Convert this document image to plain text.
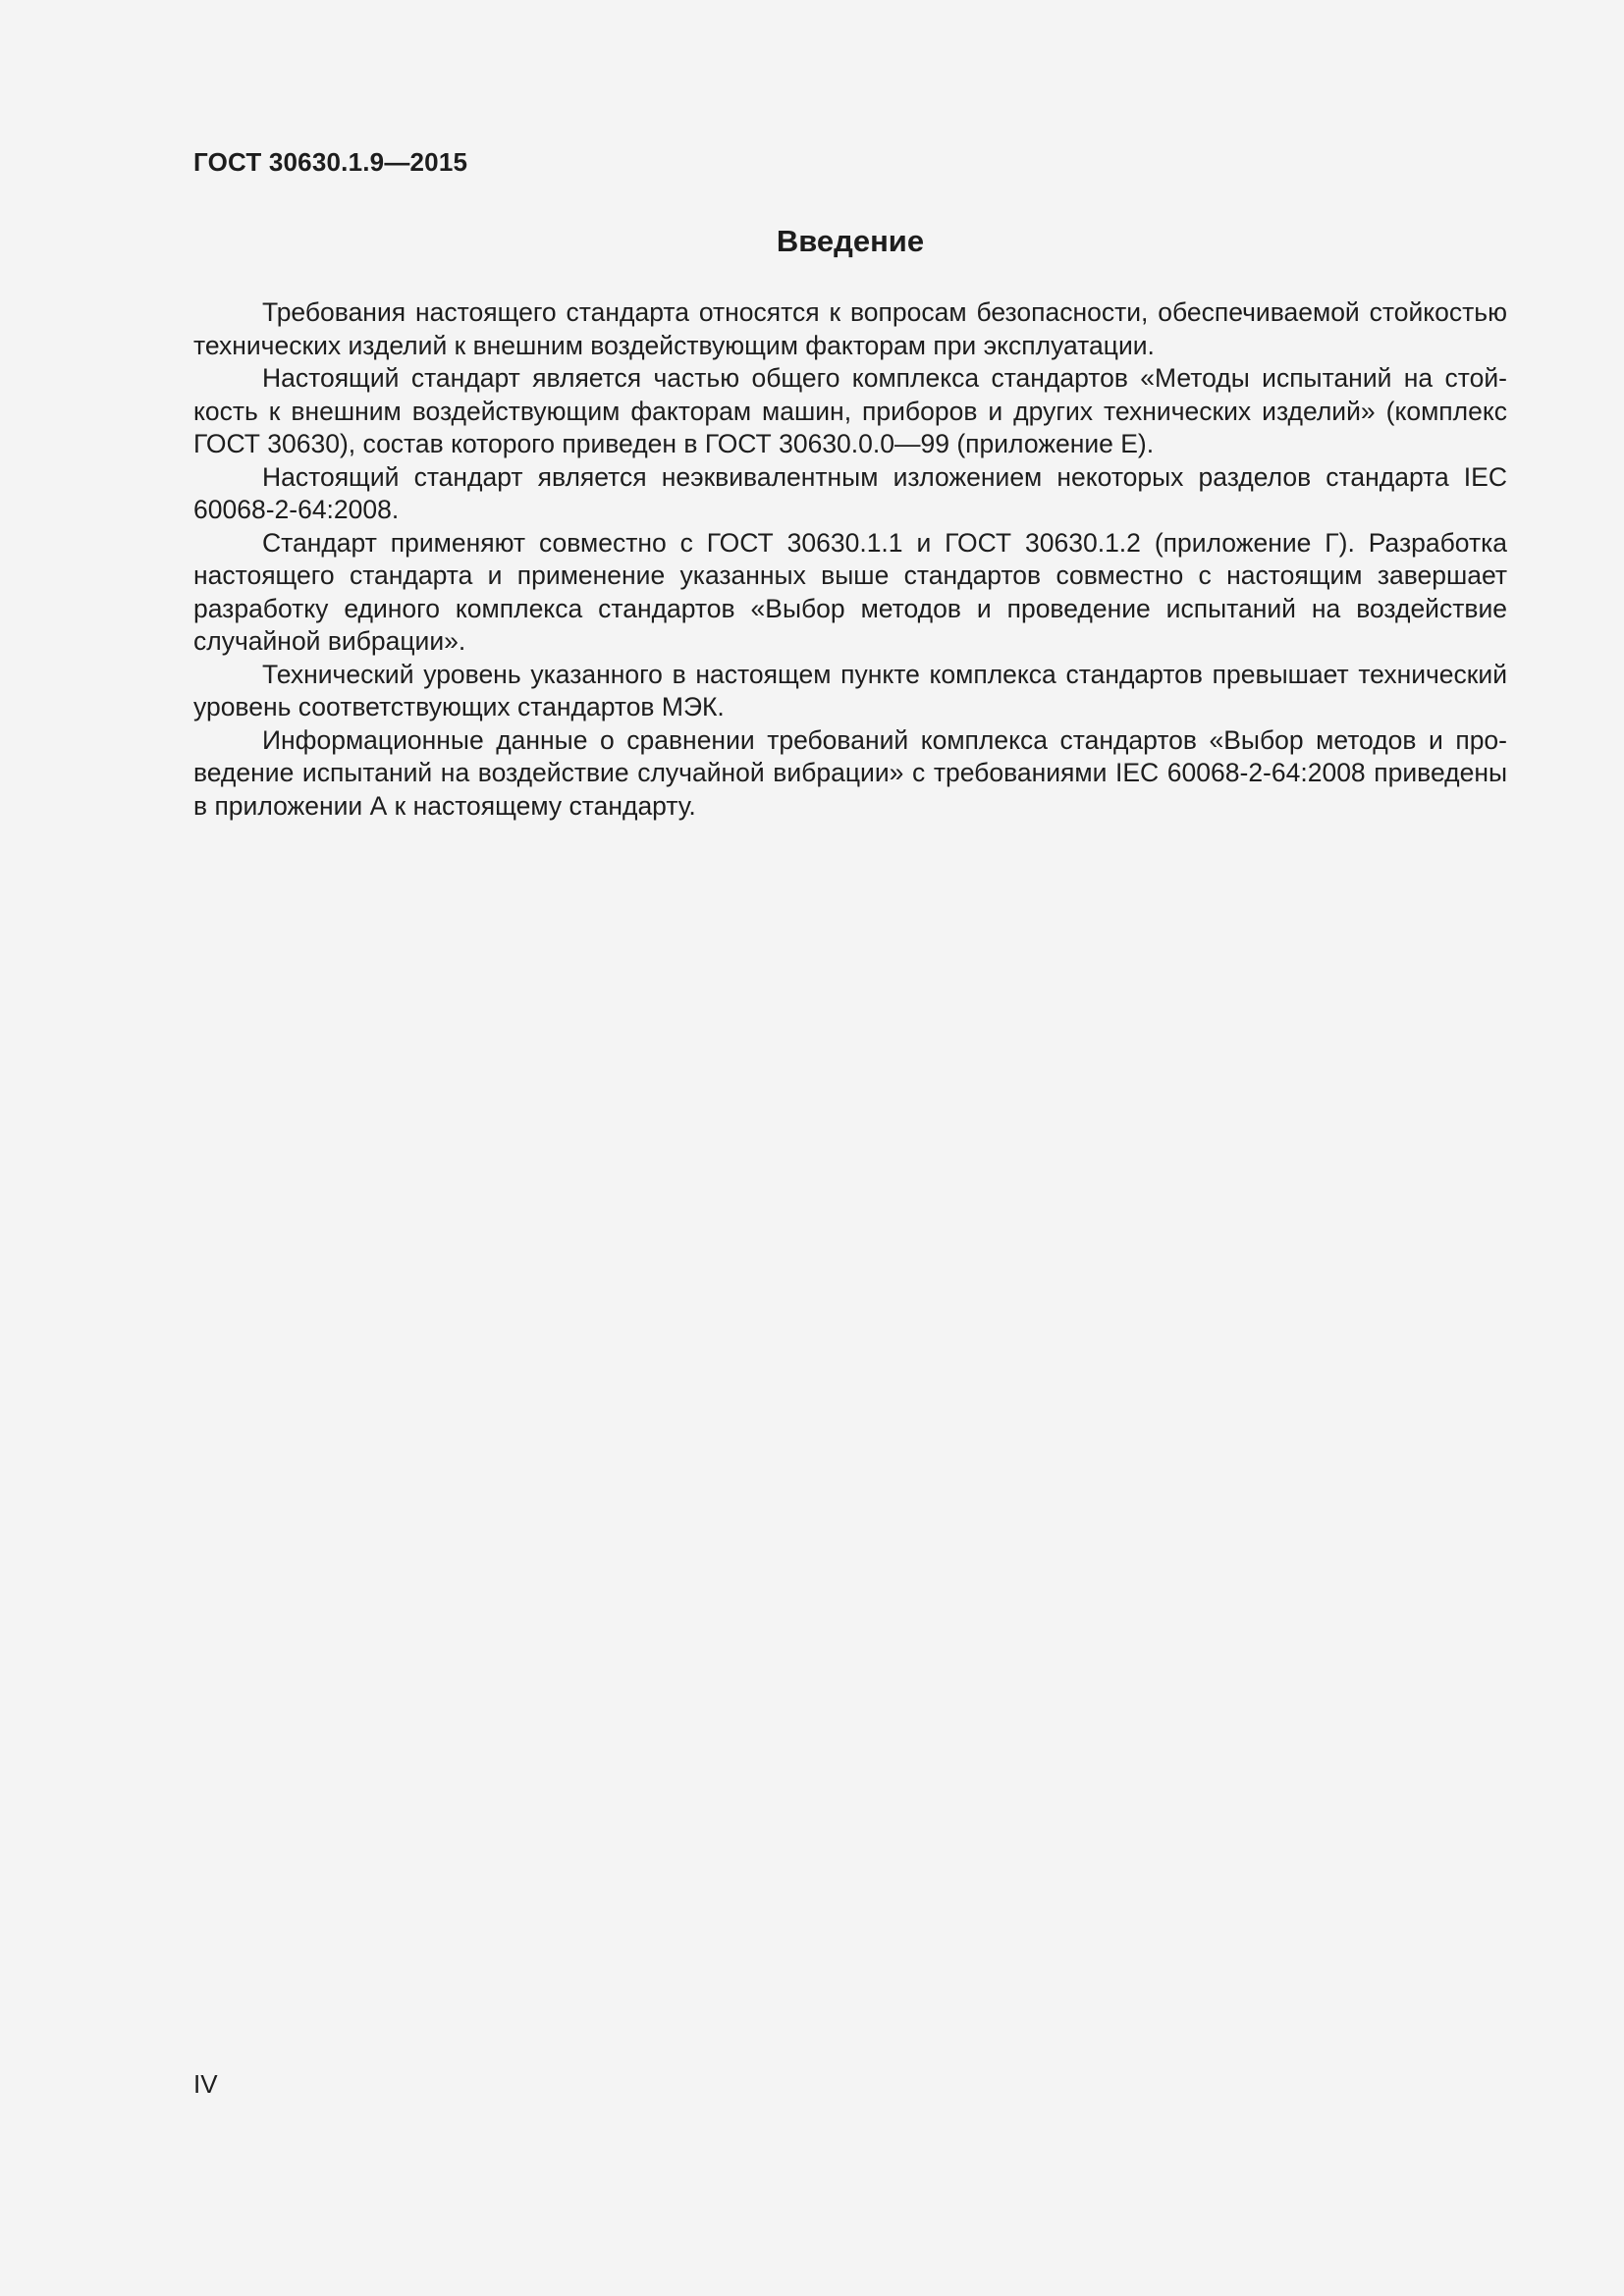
ГОСТ 30630.1.9—2015
Введение

Требования настоящего стандарта относятся к вопросам безопасности, обеспечиваемой стойкостью технических изделий к внешним воздействующим факторам при эксплуатации.

Настоящий стандарт является частью общего комплекса стандартов «Методы испытаний на стойкость к внешним воздействующим факторам машин, приборов и других технических изделий» (комплекс ГОСТ 30630), состав которого приведен в ГОСТ 30630.0.0—99 (приложение Е).

Настоящий стандарт является неэквивалентным изложением некоторых разделов стандарта IEC 60068-2-64:2008.

Стандарт применяют совместно с ГОСТ 30630.1.1 и ГОСТ 30630.1.2 (приложение Г). Разработка настоящего стандарта и применение указанных выше стандартов совместно с настоящим завершает разработку единого комплекса стандартов «Выбор методов и проведение испытаний на воздействие случайной вибрации».

Технический уровень указанного в настоящем пункте комплекса стандартов превышает технический уровень соответствующих стандартов МЭК.

Информационные данные о сравнении требований комплекса стандартов «Выбор методов и проведение испытаний на воздействие случайной вибрации» с требованиями IEC 60068-2-64:2008 приведены в приложении А к настоящему стандарту.

IV
